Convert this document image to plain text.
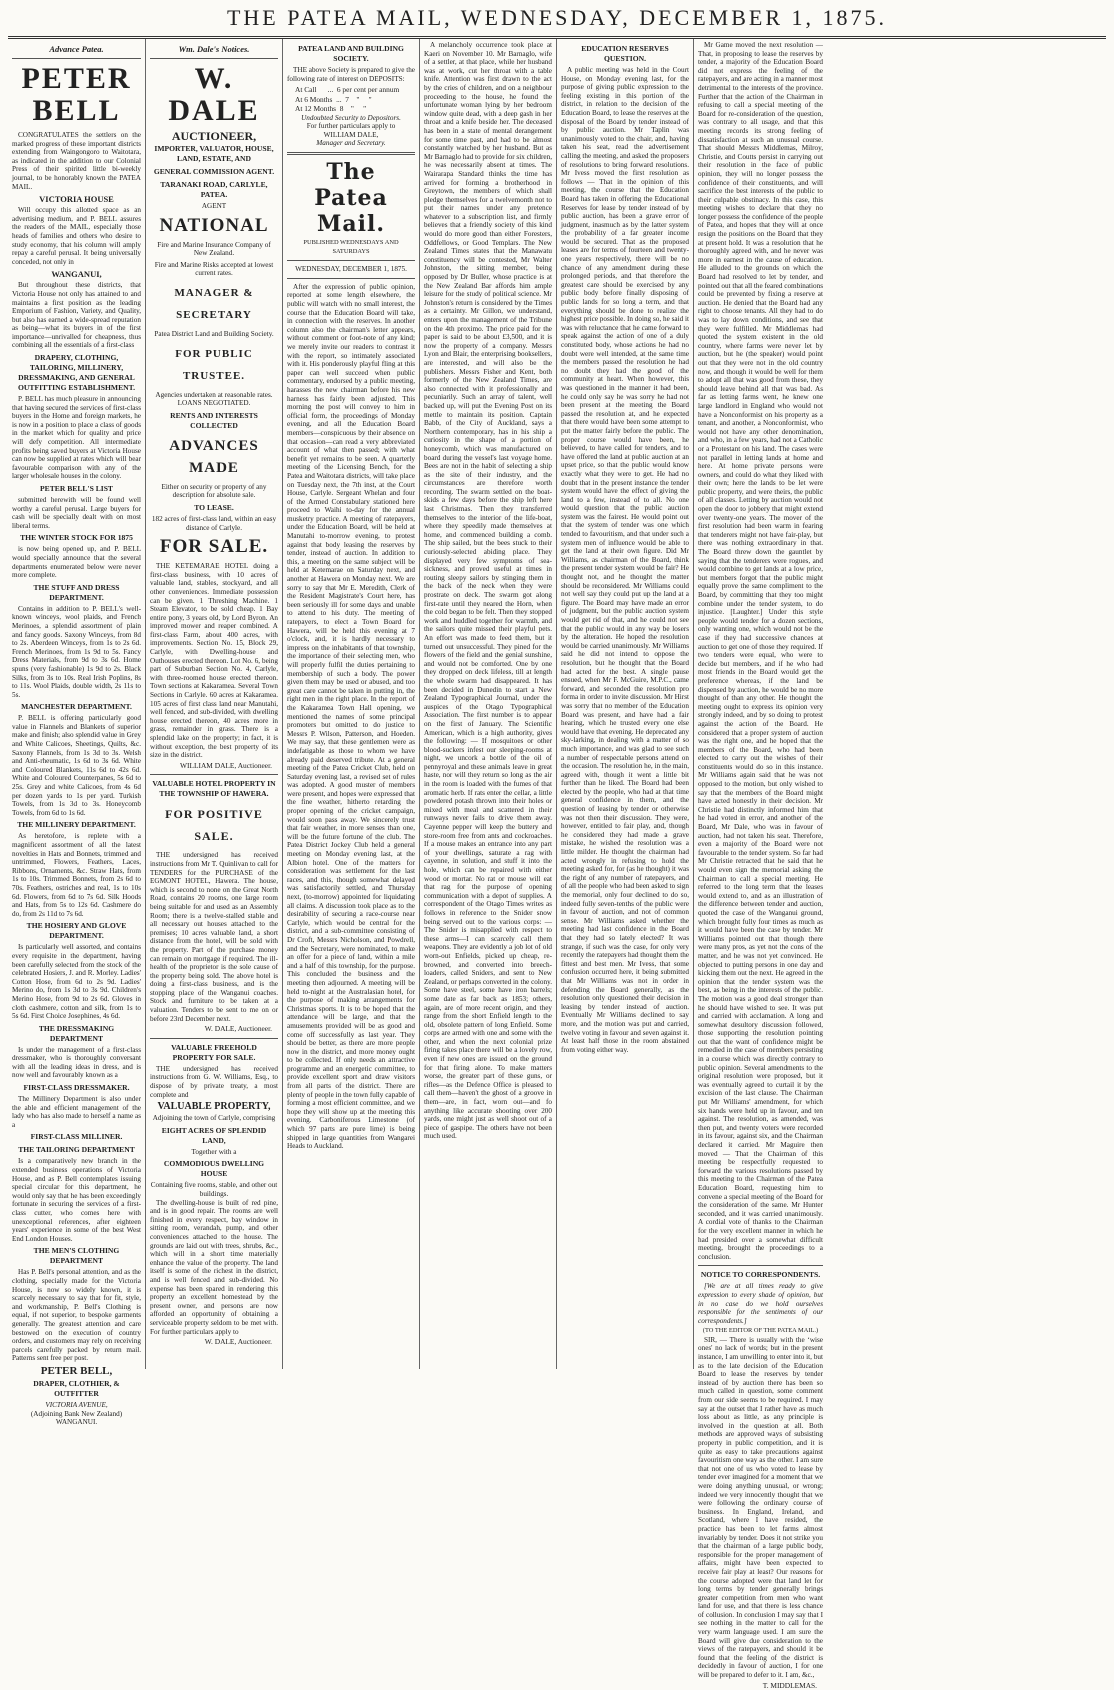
THE PATEA MAIL, WEDNESDAY, DECEMBER 1, 1875.
Advance Patea.
PETER BELL

CONGRATULATES the settlers on the marked progress of these important districts extending from Waingongoro to Waitotara, as indicated in the addition to our Colonial Press of their spirited little bi-weekly journal, to be honorably known the PATEA MAIL.

VICTORIA HOUSE

Will occupy this allotted space as an advertising medium, and P. BELL assures the readers of the MAIL, especially those heads of families and others who desire to study economy, that his column will amply repay a careful perusal. It being universally conceded, not only in

WANGANUI,

But throughout these districts, that Victoria House not only has attained to and maintains a first position as the leading Emporium of Fashion, Variety, and Quality, but also has earned a wide-spread reputation as being—what its buyers in of the first importance—unrivalled for cheapness, thus combining all the essentials of a first-class

DRAPERY, CLOTHING, TAILORING, MILLINERY, DRESSMAKING, AND GENERAL OUTFITTING ESTABLISHMENT.

P. BELL has much pleasure in announcing that having secured the services of first-class buyers in the Home and foreign markets, he is now in a position to place a class of goods in the market which for quality and price will defy competition. All intermediate profits being saved buyers at Victoria House can now be supplied at rates which will bear favourable comparison with any of the larger wholesale houses in the colony.

PETER BELL'S LIST

submitted herewith will be found well worthy a careful perusal. Large buyers for cash will be specially dealt with on most liberal terms.

THE WINTER STOCK FOR 1875

is now being opened up, and P. BELL would specially announce that the several departments enumerated below were never more complete.

THE STUFF AND DRESS DEPARTMENT.

Contains in addition to P. BELL's well-known winceys, wool plaids, and French Merinoes, a splendid assortment of plain and fancy goods. Saxony Winceys, from 8d to 2s. Aberdeen Winceys, from 1s to 2s 6d. French Merinoes, from 1s 9d to 5s. Fancy Dress Materials, from 9d to 3s 6d. Home spuns (very fashionable) 1s 9d to 2s. Black Silks, from 3s to 10s. Real Irish Poplins, 8s to 11s. Wool Plaids, double width, 2s 11s to 5s.

MANCHESTER DEPARTMENT.

P. BELL is offering particularly good value in Flannels and Blankets of superior make and finish; also splendid value in Grey and White Calicoes, Sheetings, Quilts, &c. Saxony Flannels, from 1s 3d to 3s. Welsh and Anti-rheumatic, 1s 6d to 3s 6d. White and Coloured Blankets, 11s 6d to 42s 6d. White and Coloured Counterpanes, 5s 6d to 25s. Grey and white Calicoes, from 4s 6d per dozen yards to 1s per yard. Turkish Towels, from 1s 3d to 3s. Honeycomb Towels, from 6d to 1s 6d.

THE MILLINERY DEPARTMENT.

As heretofore, is replete with a magnificent assortment of all the latest novelties in Hats and Bonnets, trimmed and untrimmed, Flowers, Feathers, Laces, Ribbons, Ornaments, &c. Straw Hats, from 1s to 10s. Trimmed Bonnets, from 2s 6d to 70s. Feathers, ostriches and real, 1s to 10s 6d. Flowers, from 6d to 7s 6d. Silk Hoods and Hats, from 5s to 12s 6d. Cashmere do do, from 2s 11d to 7s 6d.

THE HOSIERY AND GLOVE DEPARTMENT.

Is particularly well assorted, and contains every requisite in the department, having been carefully selected from the stock of the celebrated Hosiers, J. and R. Morley. Ladies' Cotton Hose, from 6d to 2s 9d. Ladies' Merino do, from 1s 3d to 3s 9d. Children's Merino Hose, from 9d to 2s 6d. Gloves in cloth cashmere, cotton and silk, from 1s to 5s 6d. First Choice Josephines, 4s 6d.

THE DRESSMAKING DEPARTMENT

Is under the management of a first-class dressmaker, who is thoroughly conversant with all the leading ideas in dress, and is now well and favourably known as a

FIRST-CLASS DRESSMAKER.

The Millinery Department is also under the able and efficient management of the lady who has also made to herself a name as a

FIRST-CLASS MILLINER.
THE TAILORING DEPARTMENT

Is a comparatively new branch in the extended business operations of Victoria House, and as P. Bell contemplates issuing special circular for this department, he would only say that he has been exceedingly fortunate in securing the services of a first-class cutter, who comes here with unexceptional references, after eighteen years' experience in some of the best West End London Houses.

THE MEN'S CLOTHING DEPARTMENT

Has P. Bell's personal attention, and as the clothing, specially made for the Victoria House, is now so widely known, it is scarcely necessary to say that for fit, style, and workmanship, P. Bell's Clothing is equal, if not superior, to bespoke garments generally. The greatest attention and care bestowed on the execution of country orders, and customers may rely on receiving parcels carefully packed by return mail. Patterns sent free per post.

PETER BELL,
DRAPER, CLOTHIER, & OUTFITTER
VICTORIA AVENUE,
(Adjoining Bank New Zealand)
WANGANUI.
Wm. Dale's Notices.
W. DALE
AUCTIONEER,
IMPORTER, VALUATOR, HOUSE, LAND, ESTATE, AND
GENERAL COMMISSION AGENT.
TARANAKI ROAD, CARLYLE, PATEA.
AGENT
NATIONAL
Fire and Marine Insurance Company of New Zealand.
Fire and Marine Risks accepted at lowest current rates.
MANAGER & SECRETARY
Patea District Land and Building Society.
FOR PUBLIC TRUSTEE.
Agencies undertaken at reasonable rates. LOANS NEGOTIATED.
RENTS AND INTERESTS COLLECTED
ADVANCES MADE
Either on security or property of any description for absolute sale.
TO LEASE.
182 acres of first-class land, within an easy distance of Carlyle.
FOR SALE.

THE KETEMARAE HOTEL doing a first-class business, with 10 acres of valuable land, stables, stockyard, and all other conveniences. Immediate possession can be given. 1 Threshing Machine. 1 Steam Elevator, to be sold cheap. 1 Bay entire pony, 3 years old, by Lord Byron. An improved mower and reaper combined. A first-class Farm, about 400 acres, with improvements. Section No. 15, Block 29, Carlyle, with Dwelling-house and Outhouses erected thereon. Lot No. 6, being part of Suburban Section No. 4, Carlyle, with three-roomed house erected thereon. Town sections at Kakaramea. Several Town Sections in Carlyle. 60 acres at Kakaramea. 105 acres of first class land near Manutahi, well fenced, and sub-divided, with dwelling house erected thereon, 40 acres more in grass, remainder in grass. There is a splendid lake on the property; in fact, it is without exception, the best property of its size in the district.

WILLIAM DALE, Auctioneer.
VALUABLE HOTEL PROPERTY IN THE TOWNSHIP OF HAWERA.
FOR POSITIVE SALE.

THE undersigned has received instructions from Mr T. Quinlivan to call for TENDERS for the PURCHASE of the EGMONT HOTEL, Hawera. The house, which is second to none on the Great North Road, contains 20 rooms, one large room being suitable for and used as an Assembly Room; there is a twelve-stalled stable and all necessary out houses attached to the premises; 10 acres valuable land, a short distance from the hotel, will be sold with the property. Part of the purchase money can remain on mortgage if required. The ill-health of the proprietor is the sole cause of the property being sold. The above hotel is doing a first-class business, and is the stopping place of the Wanganui coaches. Stock and furniture to be taken at a valuation. Tenders to be sent to me on or before 23rd December next.

W. DALE, Auctioneer.
VALUABLE FREEHOLD PROPERTY FOR SALE.

THE undersigned has received instructions from G. W. Williams, Esq., to dispose of by private treaty, a most complete and

VALUABLE PROPERTY,
Adjoining the town of Carlyle, comprising
EIGHT ACRES OF SPLENDID LAND,
Together with a
COMMODIOUS DWELLING HOUSE
Containing five rooms, stable, and other out buildings.

The dwelling-house is built of red pine, and is in good repair. The rooms are well finished in every respect, bay window in sitting room, verandah, pump, and other conveniences attached to the house. The grounds are laid out with trees, shrubs, &c., which will in a short time materially enhance the value of the property. The land itself is some of the richest in the district, and is well fenced and sub-divided. No expense has been spared in rendering this property an excellent homestead by the present owner, and persons are now afforded an opportunity of obtaining a serviceable property seldom to be met with. For further particulars apply to

W. DALE, Auctioneer.
PATEA LAND AND BUILDING SOCIETY.

THE above Society is prepared to give the following rate of interest on DEPOSITS:

At Call      ...  6 per cent per annum
At 6 Months  ...  7    "     "
At 12 Months  8    "     "
Undoubted Security to Depositors.
For further particulars apply to
WILLIAM DALE,
Manager and Secretary.
The Patea Mail.
PUBLISHED WEDNESDAYS AND SATURDAYS
WEDNESDAY, DECEMBER 1, 1875.

After the expression of public opinion, reported at some length elsewhere, the public will watch with no small interest, the course that the Education Board will take, in connection with the reserves. In another column also the chairman's letter appears, without comment or foot-note of any kind; we merely invite our readers to contrast it with the report, so intimately associated with it. His ponderously playful fling at this paper can well succeed when public commentary, endorsed by a public meeting, harasses the new chairman before his new harness has fairly been adjusted. This morning the post will convey to him in official form, the proceedings of Monday evening, and all the Education Board members—conspicuous by their absence on that occasion—can read a very abbreviated account of what then passed; with what benefit yet remains to be seen. A quarterly meeting of the Licensing Bench, for the Patea and Waitotara districts, will take place on Tuesday next, the 7th inst, at the Court House, Carlyle. Sergeant Whelan and four of the Armed Constabulary stationed here proceed to Waihi to-day for the annual musketry practice. A meeting of ratepayers, under the Education Board, will be held at Manutahi to-morrow evening, to protest against that body leasing the reserves by tender, instead of auction. In addition to this, a meeting on the same subject will be held at Ketemarae on Saturday next, and another at Hawera on Monday next. We are sorry to say that Mr E. Meredith, Clerk of the Resident Magistrate's Court here, has been seriously ill for some days and unable to attend to his duty. The meeting of ratepayers, to elect a Town Board for Hawera, will be held this evening at 7 o'clock, and, it is hardly necessary to impress on the inhabitants of that township, the importance of their selecting men, who will properly fulfil the duties pertaining to membership of such a body. The power given them may be used or abused, and too great care cannot be taken in putting in, the right men in the right place. In the report of the Kakaramea Town Hall opening, we mentioned the names of some principal promoters but omitted to do justice to Messrs P. Wilson, Patterson, and Hoeden. We may say, that these gentlemen were as indefatigable as those to whom we have already paid deserved tribute. At a general meeting of the Patea Cricket Club, held on Saturday evening last, a revised set of rules was adopted. A good muster of members were present, and hopes were expressed that the fine weather, hitherto retarding the proper opening of the cricket campaign, would soon pass away. We sincerely trust that fair weather, in more senses than one, will be the future fortune of the club. The Patea District Jockey Club held a general meeting on Monday evening last, at the Albion hotel. One of the matters for consideration was settlement for the last races, and this, though somewhat delayed was satisfactorily settled, and Thursday next, (to-morrow) appointed for liquidating all claims. A discussion took place as to the desirability of securing a race-course near Carlyle, which would be central for the district, and a sub-committee consisting of Dr Croft, Messrs Nicholson, and Powdrell, and the Secretary, were nominated, to make an offer for a piece of land, within a mile and a half of this township, for the purpose. This concluded the business and the meeting then adjourned. A meeting will be held to-night at the Australasian hotel, for the purpose of making arrangements for Christmas sports. It is to be hoped that the attendance will be large, and that the amusements provided will be as good and come off successfully as last year. They should be better, as there are more people now in the district, and more money ought to be collected. If only needs an attractive programme and an energetic committee, to provide excellent sport and draw visitors from all parts of the district. There are plenty of people in the town fully capable of forming a most efficient committee, and we hope they will show up at the meeting this evening. Carboniferous Limestone (of which 97 parts are pure lime) is being shipped in large quantities from Wangarei Heads to Auckland.

A melancholy occurrence took place at Kaeri on November 10. Mr Barnaglo, wife of a settler, at that place, while her husband was at work, cut her throat with a table knife. Attention was first drawn to the act by the cries of children, and on a neighbour proceeding to the house, he found the unfortunate woman lying by her bedroom window quite dead, with a deep gash in her throat and a knife beside her. The deceased has been in a state of mental derangement for some time past, and had to be almost constantly watched by her husband. But as Mr Barnaglo had to provide for six children, he was necessarily absent at times. The Wairarapa Standard thinks the time has arrived for forming a brotherhood in Greytown, the members of which shall pledge themselves for a twelvemonth not to put their names under any pretence whatever to a subscription list, and firmly believes that a friendly society of this kind would do more good than either Foresters, Oddfellows, or Good Templars. The New Zealand Times states that the Manawatu constituency will be contested, Mr Walter Johnston, the sitting member, being opposed by Dr Buller, whose practice is at the New Zealand Bar affords him ample leisure for the study of political science. Mr Johnston's return is considered by the Times as a certainty. Mr Gillon, we understand, enters upon the management of the Tribune on the 4th proximo. The price paid for the paper is said to be about £3,500, and it is now the property of a company. Messrs Lyon and Blair, the enterprising booksellers, are interested, and will also be the publishers. Messrs Fisher and Kent, both formerly of the New Zealand Times, are also connected with it professionally and pecuniarily. Such an array of talent, well backed up, will put the Evening Post on its mettle to maintain its position. Captain Babb, of the City of Auckland, says a Northern contemporary, has in his ship a curiosity in the shape of a portion of honeycomb, which was manufactured on board during the vessel's last voyage home. Bees are not in the habit of selecting a ship as the site of their industry, and the circumstances are therefore worth recording. The swarm settled on the boat-skids a few days before the ship left here last Christmas. Then they transferred themselves to the interior of the life-boat, where they speedily made themselves at home, and commenced building a comb. The ship sailed, but the bees stuck to their curiously-selected abiding place. They displayed very few symptoms of sea-sickness, and proved useful at times in routing sleepy sailors by stinging them in the back of the neck when they were prostrate on deck. The swarm got along first-rate until they neared the Horn, when the cold began to be felt. Then they stopped work and huddled together for warmth, and the sailors quite missed their playful pets. An effort was made to feed them, but it turned out unsuccessful. They pined for the flowers of the field and the genial sunshine, and would not be comforted. One by one they dropped on deck lifeless, till at length the whole swarm had disappeared. It has been decided in Dunedin to start a New Zealand Typographical Journal, under the auspices of the Otago Typographical Association. The first number is to appear on the first of January. The Scientific American, which is a high authority, gives the following: — If mosquitoes or other blood-suckers infest our sleeping-rooms at night, we uncork a bottle of the oil of pennyroyal and these animals leave in great haste, nor will they return so long as the air in the room is loaded with the fumes of that aromatic herb. If rats enter the cellar, a little powdered potash thrown into their holes or mixed with meal and scattered in their runways never fails to drive them away. Cayenne pepper will keep the buttery and store-room free from ants and cockroaches. If a mouse makes an entrance into any part of your dwellings, saturate a rag with cayenne, in solution, and stuff it into the hole, which can be repaired with either wood or mortar. No rat or mouse will eat that rag for the purpose of opening communication with a depot of supplies. A correspondent of the Otago Times writes as follows in reference to the Snider snow being served out to the various corps: — The Snider is misapplied with respect to these arms—I can scarcely call them weapons. They are evidently a job lot of old worn-out Enfields, picked up cheap, re-browned, and converted into breech-loaders, called Sniders, and sent to New Zealand, or perhaps converted in the colony. Some have steel, some have iron barrels; some date as far back as 1853; others, again, are of more recent origin, and they range from the short Enfield length to the old, obsolete pattern of long Enfield. Some corps are armed with one and some with the other, and when the next colonial prize firing takes place there will be a lovely row, even if new ones are issued on the ground for that firing alone. To make matters worse, the greater part of these guns, or rifles—as the Defence Office is pleased to call them—haven't the ghost of a groove in them—are, in fact, worn out—and fo anything like accurate shooting over 200 yards, one might just as well shoot out of a piece of gaspipe. The others have not been much used.

EDUCATION RESERVES QUESTION.

A public meeting was held in the Court House, on Monday evening last, for the purpose of giving public expression to the feeling existing in this portion of the district, in relation to the decision of the Education Board, to lease the reserves at the disposal of the Board by tender instead of by public auction. Mr Taplin was unanimously voted to the chair, and, having taken his seat, read the advertisement calling the meeting, and asked the proposers of resolutions to bring forward resolutions. Mr Ivess moved the first resolution as follows — That in the opinion of this meeting, the course that the Education Board has taken in offering the Educational Reserves for lease by tender instead of by public auction, has been a grave error of judgment, inasmuch as by the latter system the probability of a far greater income would be secured. That as the proposed leases are for terms of fourteen and twenty-one years respectively, there will be no chance of any amendment during these prolonged periods, and that therefore the greatest care should be exercised by any public body before finally disposing of public lands for so long a term, and that everything should be done to realize the highest price possible. In doing so, he said it was with reluctance that he came forward to speak against the action of one of a duly constituted body, whose actions he had no doubt were well intended, at the same time the members passed the resolution he had no doubt they had the good of the community at heart. When however, this was questioned in the manner it had been, he could only say he was sorry he had not been present at the meeting the Board passed the resolution at, and he expected that there would have been some attempt to put the matter fairly before the public. The proper course would have been, he believed, to have called for tenders, and to have offered the land at public auction at an upset price, so that the public would know exactly what they were to get. He had no doubt that in the present instance the tender system would have the effect of giving the land to a few, instead of to all. No one would question that the public auction system was the fairest. He would point out that the system of tender was one which tended to favouritism, and that under such a system men of influence would be able to get the land at their own figure. Did Mr Williams, as chairman of the Board, think the present tender system would be fair? He thought not, and he thought the matter should be reconsidered. Mr Williams could not well say they could put up the land at a figure. The Board may have made an error of judgment, but the public auction system would get rid of that, and he could not see that the public would in any way be losers by the alteration. He hoped the resolution would be carried unanimously. Mr Williams said he did not intend to oppose the resolution, but he thought that the Board had acted for the best. A single pause ensued, when Mr F. McGuire, M.P.C., came forward, and seconded the resolution pro forma in order to invite discussion. Mr Hirst was sorry that no member of the Education Board was present, and have had a fair hearing, which he trusted every one else would have that evening. He deprecated any sky-larking, in dealing with a matter of so much importance, and was glad to see such a number of respectable persons attend on the occasion. The resolution he, in the main, agreed with, though it went a little bit further than he liked. The Board had been elected by the people, who had at that time general confidence in them, and the question of leasing by tender or otherwise was not then their discussion. They were, however, entitled to fair play, and, though he considered they had made a grave mistake, he wished the resolution was a little milder. He thought the chairman had acted wrongly in refusing to hold the meeting asked for, for (as he thought) it was the right of any number of ratepayers, and of all the people who had been asked to sign the memorial, only four declined to do so, indeed fully seven-tenths of the public were in favour of auction, and not of common sense. Mr Williams asked whether the meeting had last confidence in the Board that they had so lately elected? It was strange, if such was the case, for only very recently the ratepayers had thought them the fittest and best men. Mr Ivess, that some confusion occurred here, it being submitted that Mr Williams was not in order in defending the Board generally, as the resolution only questioned their decision in leasing by tender instead of auction. Eventually Mr Williams declined to say more, and the motion was put and carried, twelve voting in favour and seven against it. At least half those in the room abstained from voting either way.

Mr Game moved the next resolution — That, in proposing to lease the reserves by tender, a majority of the Education Board did not express the feeling of the ratepayers, and are acting in a manner most detrimental to the interests of the province. Further that the action of the Chairman in refusing to call a special meeting of the Board for re-consideration of the question, was contrary to all usage, and that this meeting records its strong feeling of dissatisfaction at such an unusual course. That should Messrs Middlemas, Milroy, Christie, and Coutts persist in carrying out their resolution in the face of public opinion, they will no longer possess the confidence of their constituents, and will sacrifice the best interests of the public to their culpable obstinacy. In this case, this meeting wishes to declare that they no longer possess the confidence of the people of Patea, and hopes that they will at once resign the positions on the Board that they at present hold. It was a resolution that he thoroughly agreed with, and he never was more in earnest in the cause of education. He alluded to the grounds on which the Board had resolved to let by tender, and pointed out that all the feared combinations could be prevented by fixing a reserve at auction. He denied that the Board had any right to choose tenants. All they had to do was to lay down conditions, and see that they were fulfilled. Mr Middlemas had quoted the system existent in the old country, where farms were never let by auction, but he (the speaker) would point out that they were not in the old country now, and though it would be well for them to adopt all that was good from these, they should leave behind all that was bad. As far as letting farms went, he knew one large landlord in England who would not have a Nonconformist on his property as a tenant, and another, a Nonconformist, who would not have any other denomination, and who, in a few years, had not a Catholic or a Protestant on his land. The cases were not parallel in letting lands at home and here. At home private persons were owners, and could do what they liked with their own; here the lands to be let were public property, and were theirs, the public of all classes. Letting by auction would not open the door to jobbery that might extend over twenty-one years. The mover of the first resolution had been warm in fearing that tenderers might not have fair-play, but there was nothing extraordinary in that. The Board threw down the gauntlet by saying that the tenderers were rogues, and would combine to get lands at a low price, but members forgot that the public might equally prove the same compliment to the Board, by committing that they too might combine under the tender system, to do injustice. [Laughter.] Under this style people would tender for a dozen sections, only wanting one, which would not be the case if they had successive chances at auction to get one of those they required. If two tenders were equal, who were to decide but members, and if he who had most friends in the Board would get the preference whereas, if the land be dispensed by auction, he would be no more thought of than any other. He thought the meeting ought to express its opinion very strongly indeed, and by so doing to protest against the action of the Board. He considered that a proper system of auction was the right one, and he hoped that the members of the Board, who had been elected to carry out the wishes of their constituents would do so in this instance. Mr Williams again said that he was not opposed to the motion, but only wished to say that the members of the Board might have acted honestly in their decision. Mr Christie had distinctly informed him that he had voted in error, and another of the Board, Mr Dale, who was in favour of auction, had not taken his seat. Therefore, even a majority of the Board were not favourable to the tender system. So far had Mr Christie retracted that he said that he would even sign the memorial asking the Chairman to call a special meeting. He referred to the long term that the leases would extend to, and as an illustration of the difference between tender and auction, quoted the case of the Wanganui ground, which brought fully four times as much as it would have been the case by tender. Mr Williams pointed out that though there were many pros, as yet not the cons of the matter, and he was not yet convinced. He objected to putting persons in one day and kicking them out the next. He agreed in the opinion that the tender system was the best, as being in the interests of the public. The motion was a good deal stronger than he should have wished to see. It was put and carried with acclamation. A long and somewhat desultory discussion followed, those supporting the resolution pointing out that the want of confidence might be remedied in the case of members persisting in a course which was directly contrary to public opinion. Several amendments to the original resolution were proposed, but it was eventually agreed to curtail it by the excision of the last clause. The Chairman put Mr Williams' amendment, for which six hands were held up in favour, and ten against. The resolution, as amended, was then put, and twenty voters were recorded in its favour, against six, and the Chairman declared it carried. Mr Maguire then moved — That the Chairman of this meeting be respectfully requested to forward the various resolutions passed by this meeting to the Chairman of the Patea Education Board, requesting him to convene a special meeting of the Board for the consideration of the same. Mr Hunter seconded, and it was carried unanimously. A cordial vote of thanks to the Chairman for the very excellent manner in which he had presided over a somewhat difficult meeting, brought the proceedings to a conclusion.

NOTICE TO CORRESPONDENTS.

[We are at all times ready to give expression to every shade of opinion, but in no case do we hold ourselves responsible for the sentiments of our correspondents.]

(TO THE EDITOR OF THE PATEA MAIL.)

SIR, — There is usually with the ‘wise ones' no lack of words; but in the present instance, I am unwilling to enter into it, but as to the late decision of the Education Board to lease the reserves by tender instead of by auction there has been so much called in question, some comment from our side seems to be required. I may say at the outset that I rather have as much loss about as little, as any principle is involved in the question at all. Both methods are approved ways of subsisting property in public competition, and it is quite as easy to take precautions against favouritism one way as the other. I am sure that not one of us who voted to lease by tender ever imagined for a moment that we were doing anything unusual, or wrong; indeed we very innocently thought that we were following the ordinary course of business. In England, Ireland, and Scotland, where I have resided, the practice has been to let farms almost invariably by tender. Does it not strike you that the chairman of a large public body, responsible for the proper management of affairs, might have been expected to receive fair play at least? Our reasons for the course adopted were that land let for long terms by tender generally brings greater competition from men who want land for use, and that there is less chance of collusion. In conclusion I may say that I see nothing in the matter to call for the very warm language used. I am sure the Board will give due consideration to the views of the ratepayers, and should it be found that the feeling of the district is decidedly in favour of auction, I for one will be prepared to defer to it. I am, &c.,

T. MIDDLEMAS.
